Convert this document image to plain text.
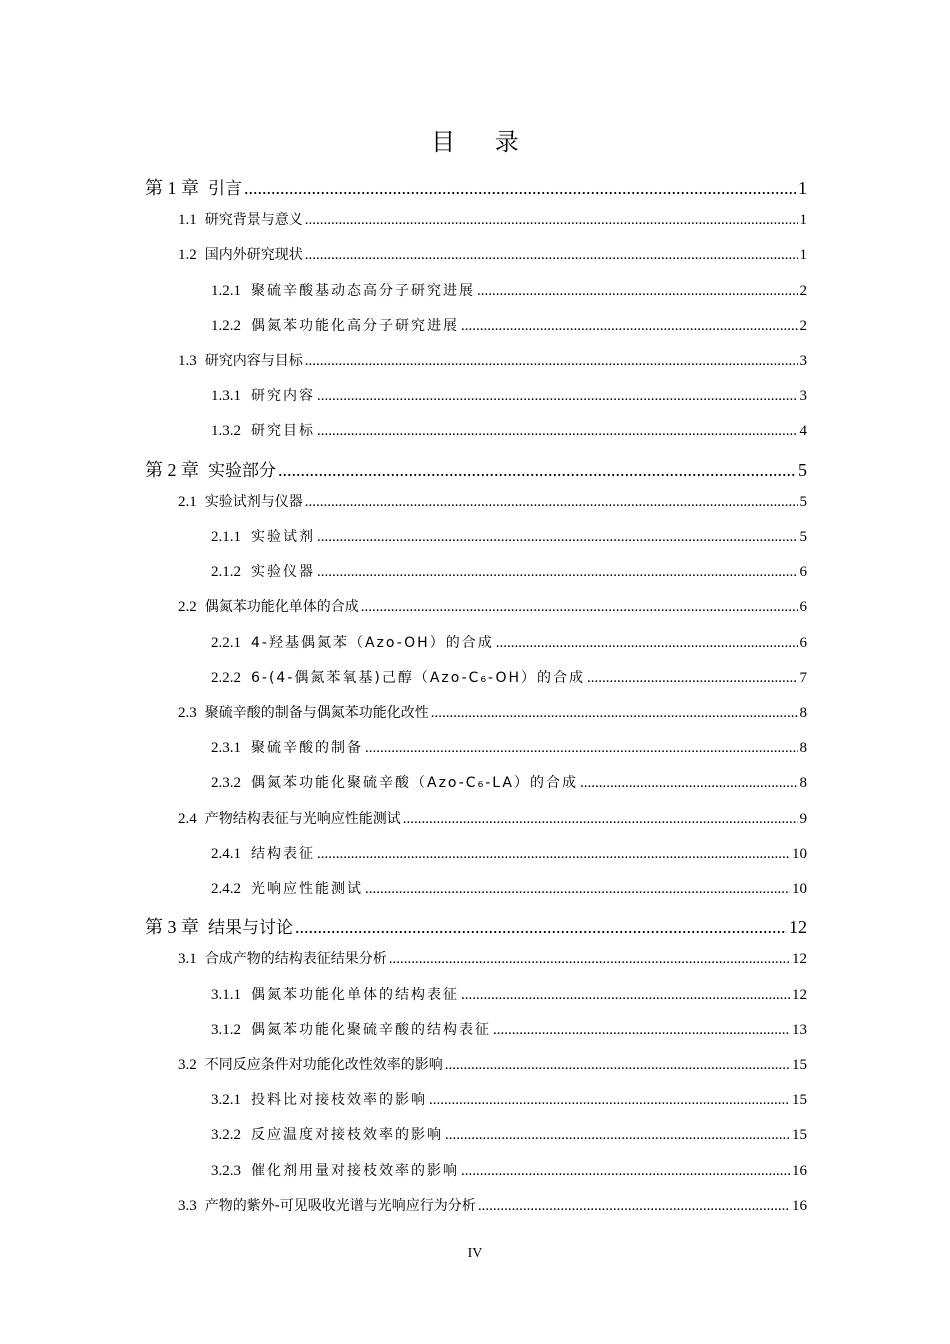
目 录
第 1 章 引言 .....	1
1.1 研究背景与意义 .....	1
1.2 国内外研究现状 .....	1
1.2.1 聚硫辛酸基动态高分子研究进展 .....	2
1.2.2 偶氮苯功能化高分子研究进展 .....	2
1.3 研究内容与目标 .....	3
1.3.1 研究内容 .....	3
1.3.2 研究目标 .....	4
第 2 章 实验部分 .....	5
2.1 实验试剂与仪器 .....	5
2.1.1 实验试剂 .....	5
2.1.2 实验仪器 .....	6
2.2 偶氮苯功能化单体的合成 .....	6
2.2.1 4-羟基偶氮苯（Azo-OH）的合成 .....	6
2.2.2 6-(4-偶氮苯氧基)己醇（Azo-C₆-OH）的合成 .....	7
2.3 聚硫辛酸的制备与偶氮苯功能化改性 .....	8
2.3.1 聚硫辛酸的制备 .....	8
2.3.2 偶氮苯功能化聚硫辛酸（Azo-C₆-LA）的合成 .....	8
2.4 产物结构表征与光响应性能测试 .....	9
2.4.1 结构表征 .....	10
2.4.2 光响应性能测试 .....	10
第 3 章 结果与讨论 .....	12
3.1 合成产物的结构表征结果分析 .....	12
3.1.1 偶氮苯功能化单体的结构表征 .....	12
3.1.2 偶氮苯功能化聚硫辛酸的结构表征 .....	13
3.2 不同反应条件对功能化改性效率的影响 .....	15
3.2.1 投料比对接枝效率的影响 .....	15
3.2.2 反应温度对接枝效率的影响 .....	15
3.2.3 催化剂用量对接枝效率的影响 .....	16
3.3 产物的紫外-可见吸收光谱与光响应行为分析 .....	16
IV
